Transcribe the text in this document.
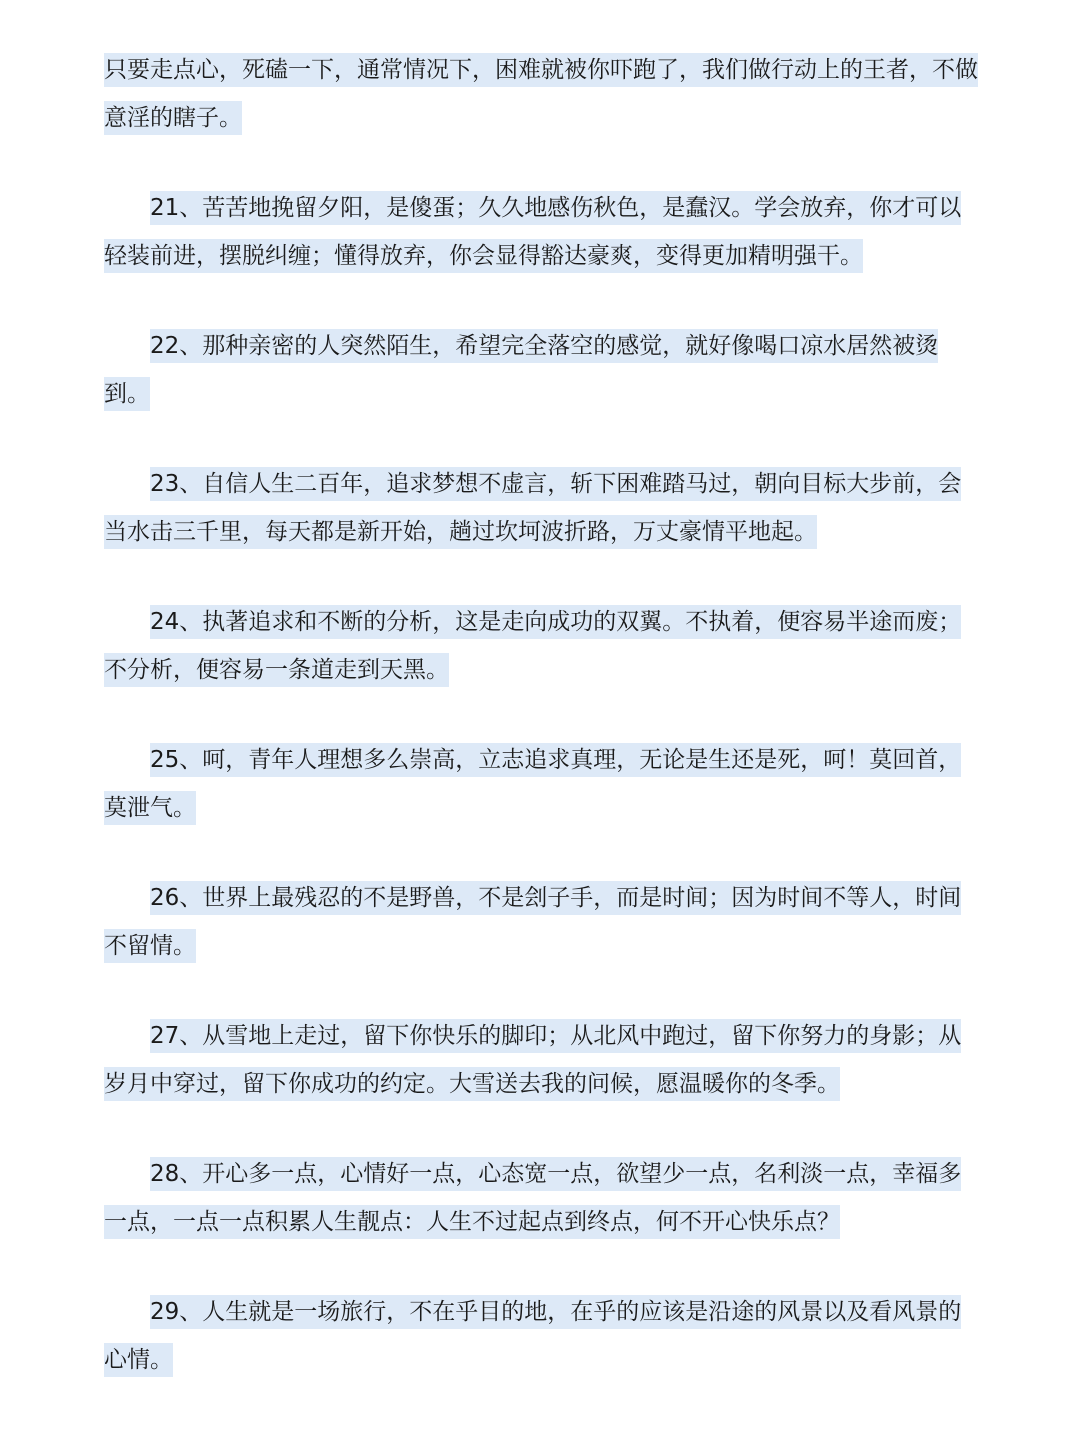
只要走点心，死磕一下，通常情况下，困难就被你吓跑了，我们做行动上的王者，不做意淫的瞎子。

21、苦苦地挽留夕阳，是傻蛋；久久地感伤秋色，是蠢汉。学会放弃，你才可以轻装前进，摆脱纠缠；懂得放弃，你会显得豁达豪爽，变得更加精明强干。

22、那种亲密的人突然陌生，希望完全落空的感觉，就好像喝口凉水居然被烫到。

23、自信人生二百年，追求梦想不虚言，斩下困难踏马过，朝向目标大步前，会当水击三千里，每天都是新开始，趟过坎坷波折路，万丈豪情平地起。

24、执著追求和不断的分析，这是走向成功的双翼。不执着，便容易半途而废；不分析，便容易一条道走到天黑。

25、呵，青年人理想多么崇高，立志追求真理，无论是生还是死，呵！莫回首，莫泄气。

26、世界上最残忍的不是野兽，不是刽子手，而是时间；因为时间不等人，时间不留情。

27、从雪地上走过，留下你快乐的脚印；从北风中跑过，留下你努力的身影；从岁月中穿过，留下你成功的约定。大雪送去我的问候，愿温暖你的冬季。

28、开心多一点，心情好一点，心态宽一点，欲望少一点，名利淡一点，幸福多一点，一点一点积累人生靓点：人生不过起点到终点，何不开心快乐点？

29、人生就是一场旅行，不在乎目的地，在乎的应该是沿途的风景以及看风景的心情。
